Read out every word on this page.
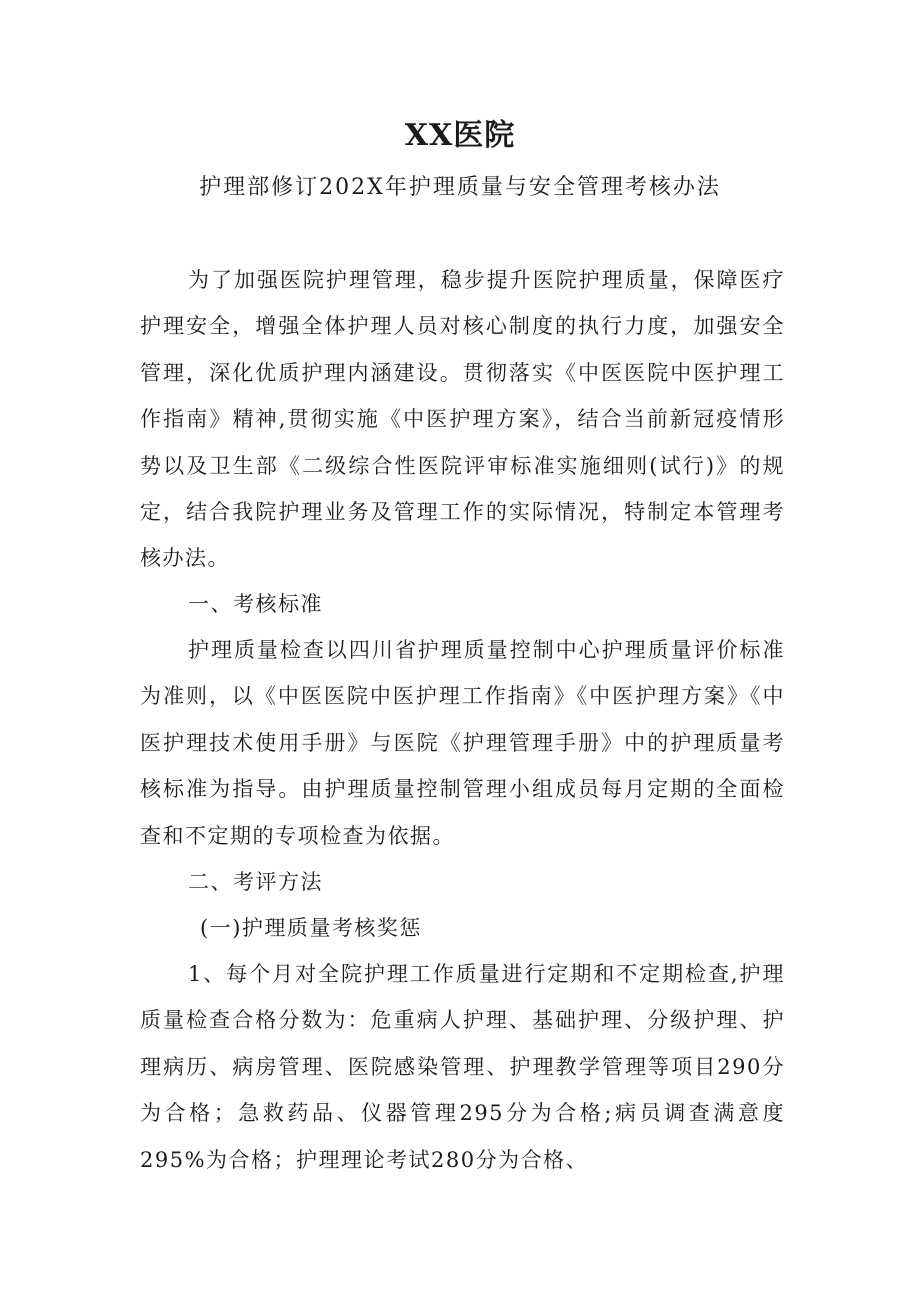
XX医院
护理部修订202X年护理质量与安全管理考核办法

为了加强医院护理管理，稳步提升医院护理质量，保障医疗护理安全，增强全体护理人员对核心制度的执行力度，加强安全管理，深化优质护理内涵建设。贯彻落实《中医医院中医护理工作指南》精神,贯彻实施《中医护理方案》，结合当前新冠疫情形势以及卫生部《二级综合性医院评审标准实施细则(试行)》的规定，结合我院护理业务及管理工作的实际情况，特制定本管理考核办法。

一、考核标准

护理质量检查以四川省护理质量控制中心护理质量评价标准为准则，以《中医医院中医护理工作指南》《中医护理方案》《中医护理技术使用手册》与医院《护理管理手册》中的护理质量考核标准为指导。由护理质量控制管理小组成员每月定期的全面检查和不定期的专项检查为依据。

二、考评方法

(一)护理质量考核奖惩

1、每个月对全院护理工作质量进行定期和不定期检查,护理质量检查合格分数为：危重病人护理、基础护理、分级护理、护理病历、病房管理、医院感染管理、护理教学管理等项目290分为合格；急救药品、仪器管理295分为合格;病员调查满意度295%为合格；护理理论考试280分为合格、
